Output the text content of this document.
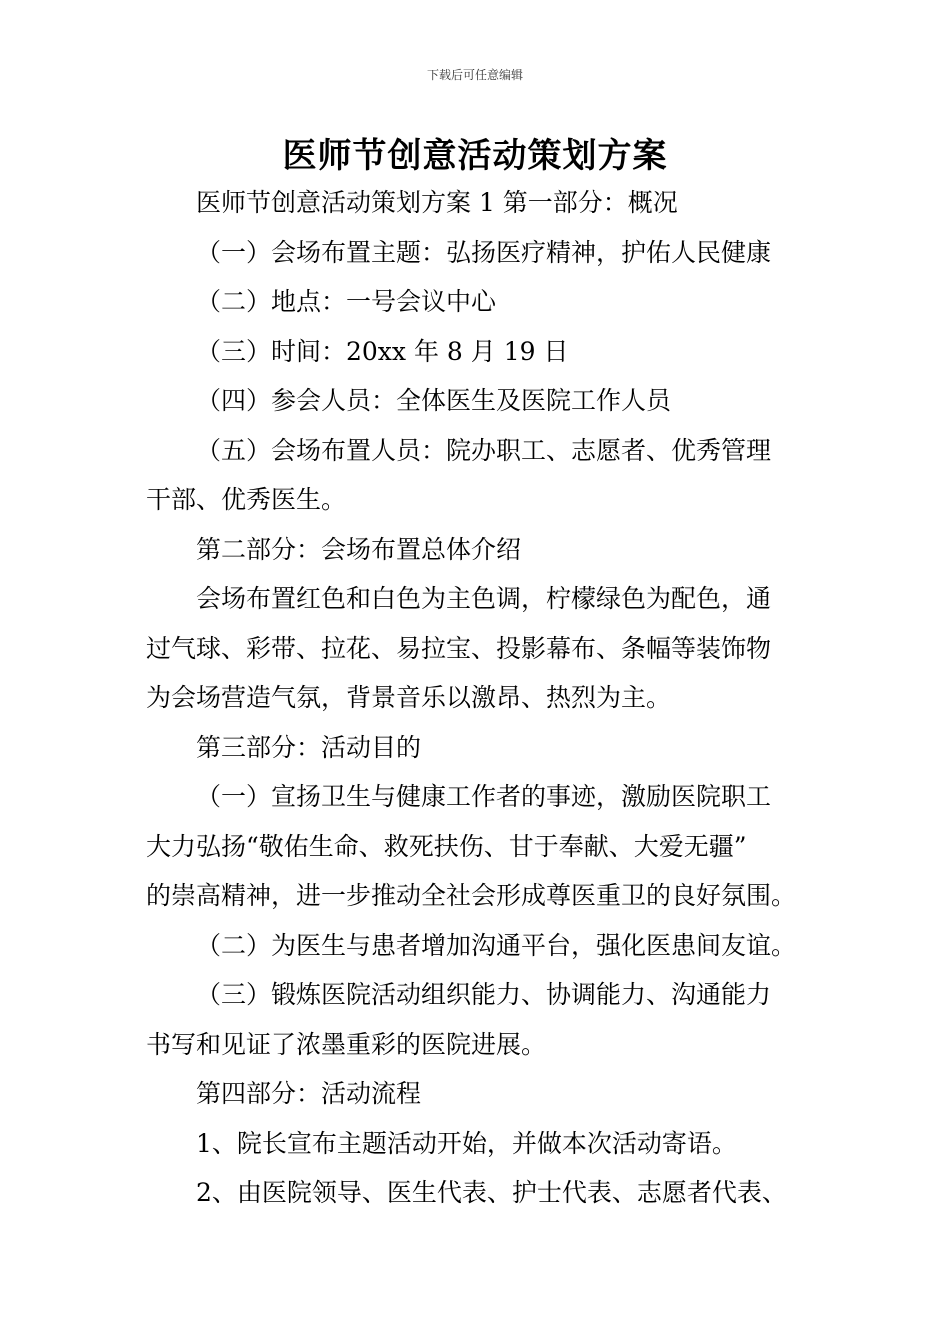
下载后可任意编辑
医师节创意活动策划方案

医师节创意活动策划方案 1 第一部分：概况

（一）会场布置主题：弘扬医疗精神，护佑人民健康

（二）地点：一号会议中心

（三）时间：20xx 年 8 月 19 日

（四）参会人员：全体医生及医院工作人员

（五）会场布置人员：院办职工、志愿者、优秀管理

干部、优秀医生。

第二部分：会场布置总体介绍

会场布置红色和白色为主色调，柠檬绿色为配色，通

过气球、彩带、拉花、易拉宝、投影幕布、条幅等装饰物

为会场营造气氛，背景音乐以激昂、热烈为主。

第三部分：活动目的

（一）宣扬卫生与健康工作者的事迹，激励医院职工

大力弘扬“敬佑生命、救死扶伤、甘于奉献、大爱无疆”

的崇高精神，进一步推动全社会形成尊医重卫的良好氛围。

（二）为医生与患者增加沟通平台，强化医患间友谊。

（三）锻炼医院活动组织能力、协调能力、沟通能力

书写和见证了浓墨重彩的医院进展。

第四部分：活动流程

1、院长宣布主题活动开始，并做本次活动寄语。

2、由医院领导、医生代表、护士代表、志愿者代表、
